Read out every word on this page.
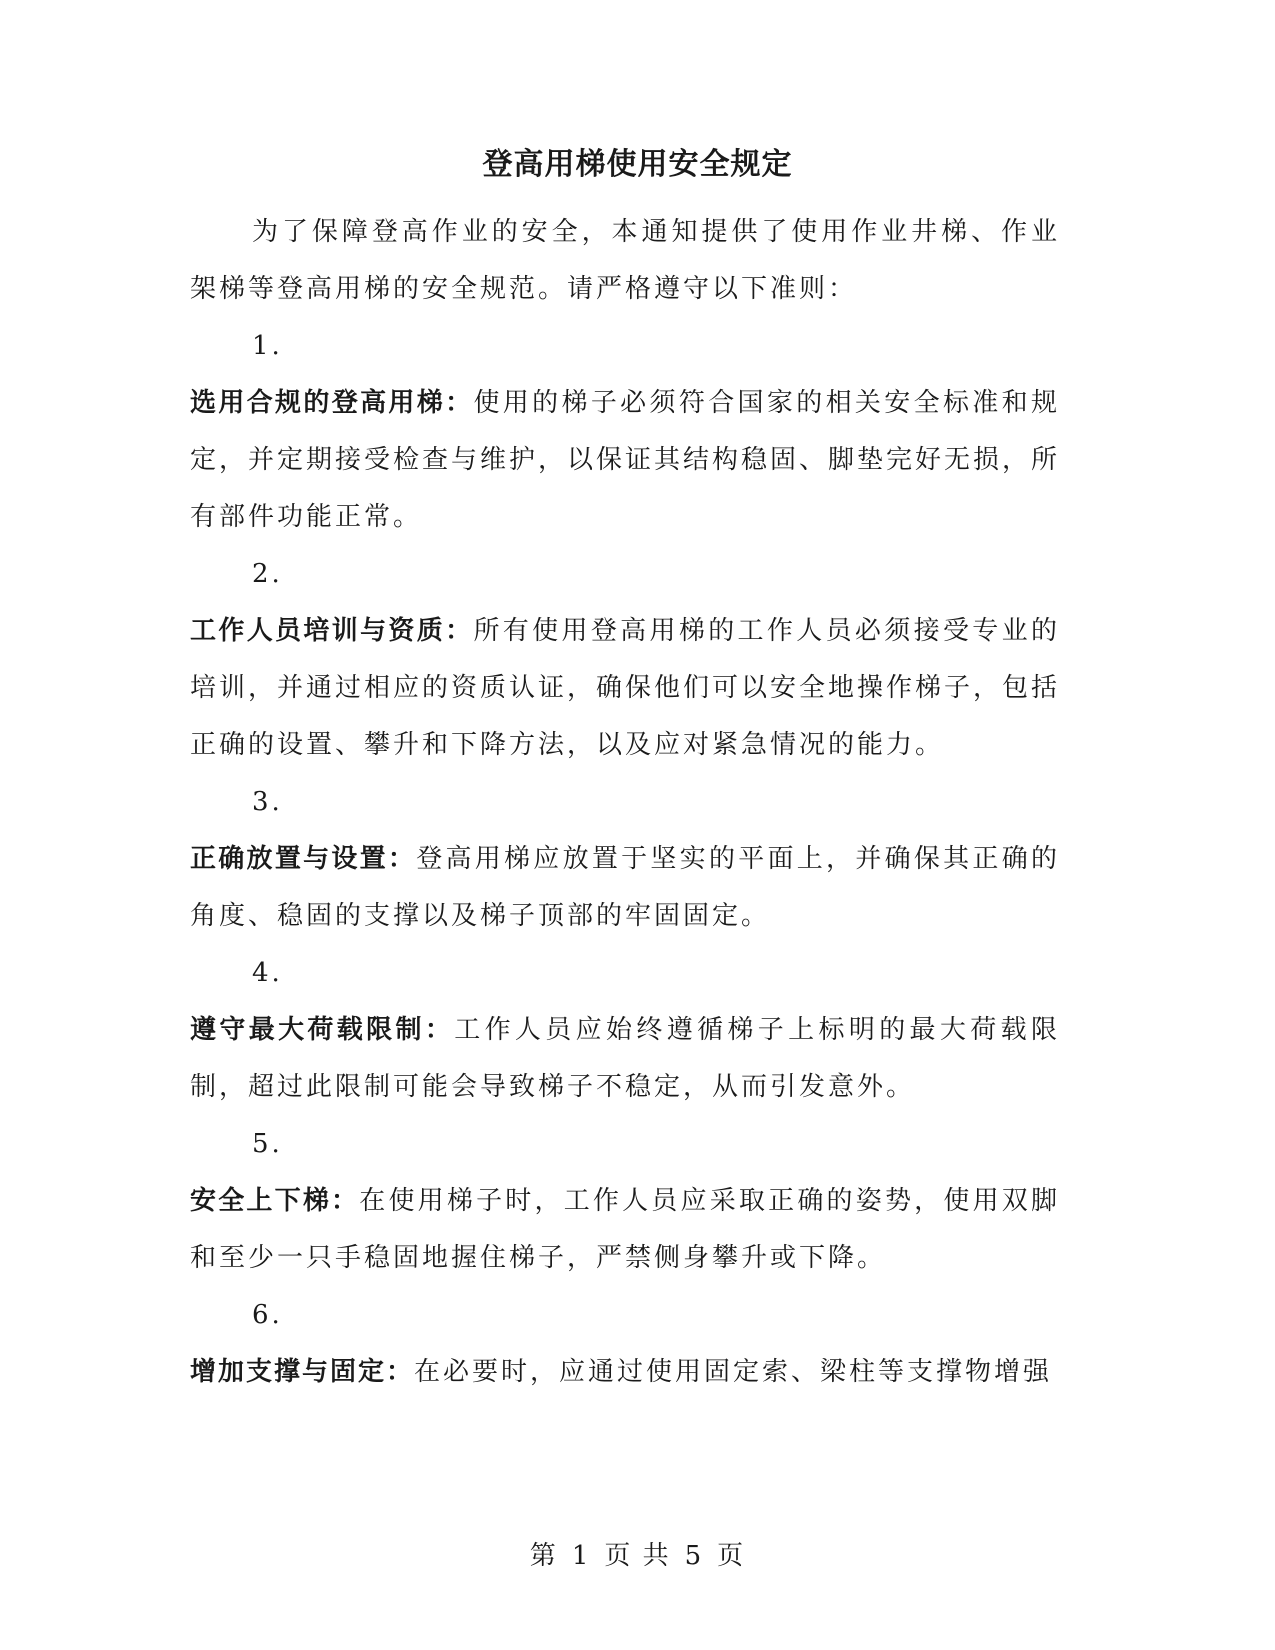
登高用梯使用安全规定

为了保障登高作业的安全，本通知提供了使用作业井梯、作业架梯等登高用梯的安全规范。请严格遵守以下准则：

1.

选用合规的登高用梯：使用的梯子必须符合国家的相关安全标准和规定，并定期接受检查与维护，以保证其结构稳固、脚垫完好无损，所有部件功能正常。

2.

工作人员培训与资质：所有使用登高用梯的工作人员必须接受专业的培训，并通过相应的资质认证，确保他们可以安全地操作梯子，包括正确的设置、攀升和下降方法，以及应对紧急情况的能力。

3.

正确放置与设置：登高用梯应放置于坚实的平面上，并确保其正确的角度、稳固的支撑以及梯子顶部的牢固固定。

4.

遵守最大荷载限制：工作人员应始终遵循梯子上标明的最大荷载限制，超过此限制可能会导致梯子不稳定，从而引发意外。

5.

安全上下梯：在使用梯子时，工作人员应采取正确的姿势，使用双脚和至少一只手稳固地握住梯子，严禁侧身攀升或下降。

6.

增加支撑与固定：在必要时，应通过使用固定索、梁柱等支撑物增强

第 1 页 共 5 页
